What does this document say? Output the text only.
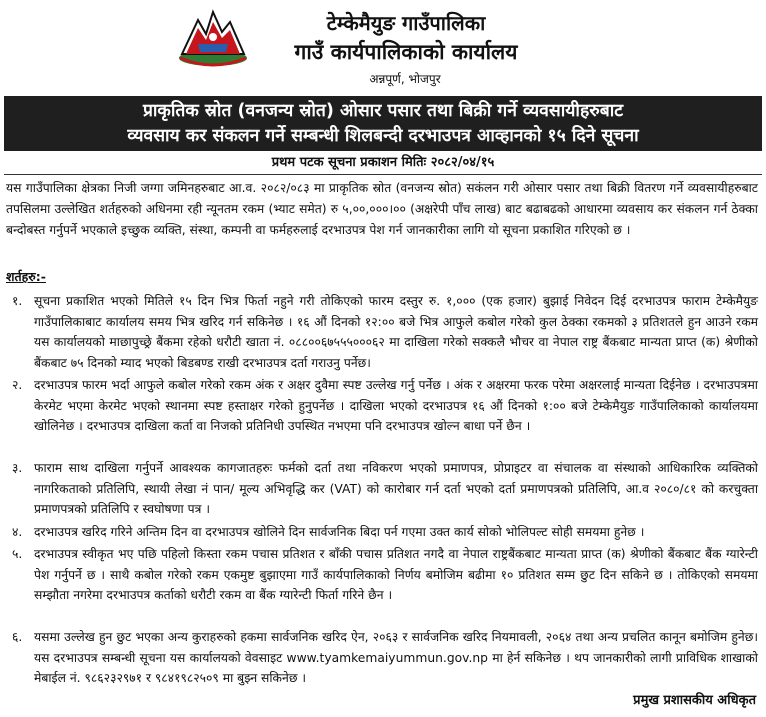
टेम्केमैयुङ गाउँपालिका
गाउँ कार्यपालिकाको कार्यालय
अन्नपूर्ण, भोजपुर
प्राकृतिक स्रोत (वनजन्य स्रोत) ओसार पसार तथा बिक्री गर्ने व्यवसायीहरुबाट
व्यवसाय कर संकलन गर्ने सम्बन्धी शिलबन्दी दरभाउपत्र आव्हानको १५ दिने सूचना
प्रथम पटक सूचना प्रकाशन मितिः २०८२/०४/१५
यस गाउँपालिका क्षेत्रका निजी जग्गा जमिनहरुबाट आ.व. २०८२/०८३ मा प्राकृतिक स्रोत (वनजन्य स्रोत) सकंलन गरी ओसार पसार तथा बिक्री वितरण गर्ने व्यवसायीहरुबाट तपसिलमा उल्लेखित शर्तहरुको अधिनमा रही न्यूनतम रकम (भ्याट समेत) रु ५,००,०००।०० (अक्षरेपी पाँच लाख) बाट बढाबढको आधारमा व्यवसाय कर संकलन गर्न ठेक्का बन्दोबस्त गर्नुपर्ने भएकाले इच्छुक व्यक्ति, संस्था, कम्पनी वा फर्महरुलाई दरभाउपत्र पेश गर्न जानकारीका लागि यो सूचना प्रकाशित गरिएको छ ।
शर्तहरु:-
१. सूचना प्रकाशित भएको मितिले १५ दिन भित्र फिर्ता नहुने गरी तोकिएको फारम दस्तुर रु. १,००० (एक हजार) बुझाई निवेदन दिई दरभाउपत्र फाराम टेम्केमैयुङ गाउँपालिकाबाट कार्यालय समय भित्र खरिद गर्न सकिनेछ । १६ औं दिनको १२:०० बजे भित्र आफुले कबोल गरेको कुल ठेक्का रकमको ३ प्रतिशतले हुन आउने रकम यस कार्यालयको माछापुच्छ्रे बैंकमा रहेको धरौटी खाता नं. ०८८००६७५५५०००६२ मा दाखिला गरेको सक्कलै भौचर वा नेपाल राष्ट्र बैंकबाट मान्यता प्राप्त (क) श्रेणीको बैंकबाट ७५ दिनको म्याद भएको बिडबण्ड राखी दरभाउपत्र दर्ता गराउनु पर्नेछ।
२. दरभाउपत्र फारम भर्दा आफुले कबोल गरेको रकम अंक र अक्षर दुवैमा स्पष्ट उल्लेख गर्नु पर्नेछ । अंक र अक्षरमा फरक परेमा अक्षरलाई मान्यता दिईनेछ । दरभाउपत्रमा केरमेट भएमा केरमेट भएको स्थानमा स्पष्ट हस्ताक्षर गरेको हुनुपर्नेछ । दाखिला भएको दरभाउपत्र १६ औं दिनको १:०० बजे टेम्केमैयुङ गाउँपालिकाको कार्यालयमा खोलिनेछ । दरभाउपत्र दाखिला कर्ता वा निजको प्रतिनिधी उपस्थित नभएमा पनि दरभाउपत्र खोल्न बाधा पर्ने छैन ।
३. फाराम साथ दाखिला गर्नुपर्ने आवश्यक कागजातहरुः फर्मको दर्ता तथा नविकरण भएको प्रमाणपत्र, प्रोप्राइटर वा संचालक वा संस्थाको आधिकारिक व्यक्तिको नागरिकताको प्रतिलिपि, स्थायी लेखा नं पान/ मूल्य अभिवृद्धि कर (VAT) को कारोबार गर्न दर्ता भएको दर्ता प्रमाणपत्रको प्रतिलिपि, आ.व २०८०/८१ को करचुक्ता प्रमाणपत्रको प्रतिलिपि र स्वघोषणा पत्र ।
४. दरभाउपत्र खरिद गरिने अन्तिम दिन वा दरभाउपत्र खोलिने दिन सार्वजनिक बिदा पर्न गएमा उक्त कार्य सोको भोलिपल्ट सोही समयमा हुनेछ ।
५. दरभाउपत्र स्वीकृत भए पछि पहिलो किस्ता रकम पचास प्रतिशत र बाँकी पचास प्रतिशत नगदै वा नेपाल राष्ट्रबैंकबाट मान्यता प्राप्त (क) श्रेणीको बैंकबाट बैंक ग्यारेन्टी पेश गर्नुपर्ने छ । साथै कबोल गरेको रकम एकमुष्ट बुझाएमा गाउँ कार्यपालिकाको निर्णय बमोजिम बढीमा १० प्रतिशत सम्म छुट दिन सकिने छ । तोकिएको समयमा सम्झौता नगरेमा दरभाउपत्र कर्ताको धरौटी रकम वा बैंक ग्यारेन्टी फिर्ता गरिने छैन ।
६. यसमा उल्लेख हुन छुट भएका अन्य कुराहरुको हकमा सार्वजनिक खरिद ऐन, २०६३ र सार्वजनिक खरिद नियमावली, २०६४ तथा अन्य प्रचलित कानून बमोजिम हुनेछ। यस दरभाउपत्र सम्बन्धी सूचना यस कार्यालयको वेवसाइट www.tyamkemaiyummun.gov.np मा हेर्न सकिनेछ । थप जानकारीको लागी प्राविधिक शाखाको मेबाईल नं. ९८६२३२९७१ र ९८४१९८२५०९ मा बुझ्न सकिनेछ ।
प्रमुख प्रशासकीय अधिकृत
